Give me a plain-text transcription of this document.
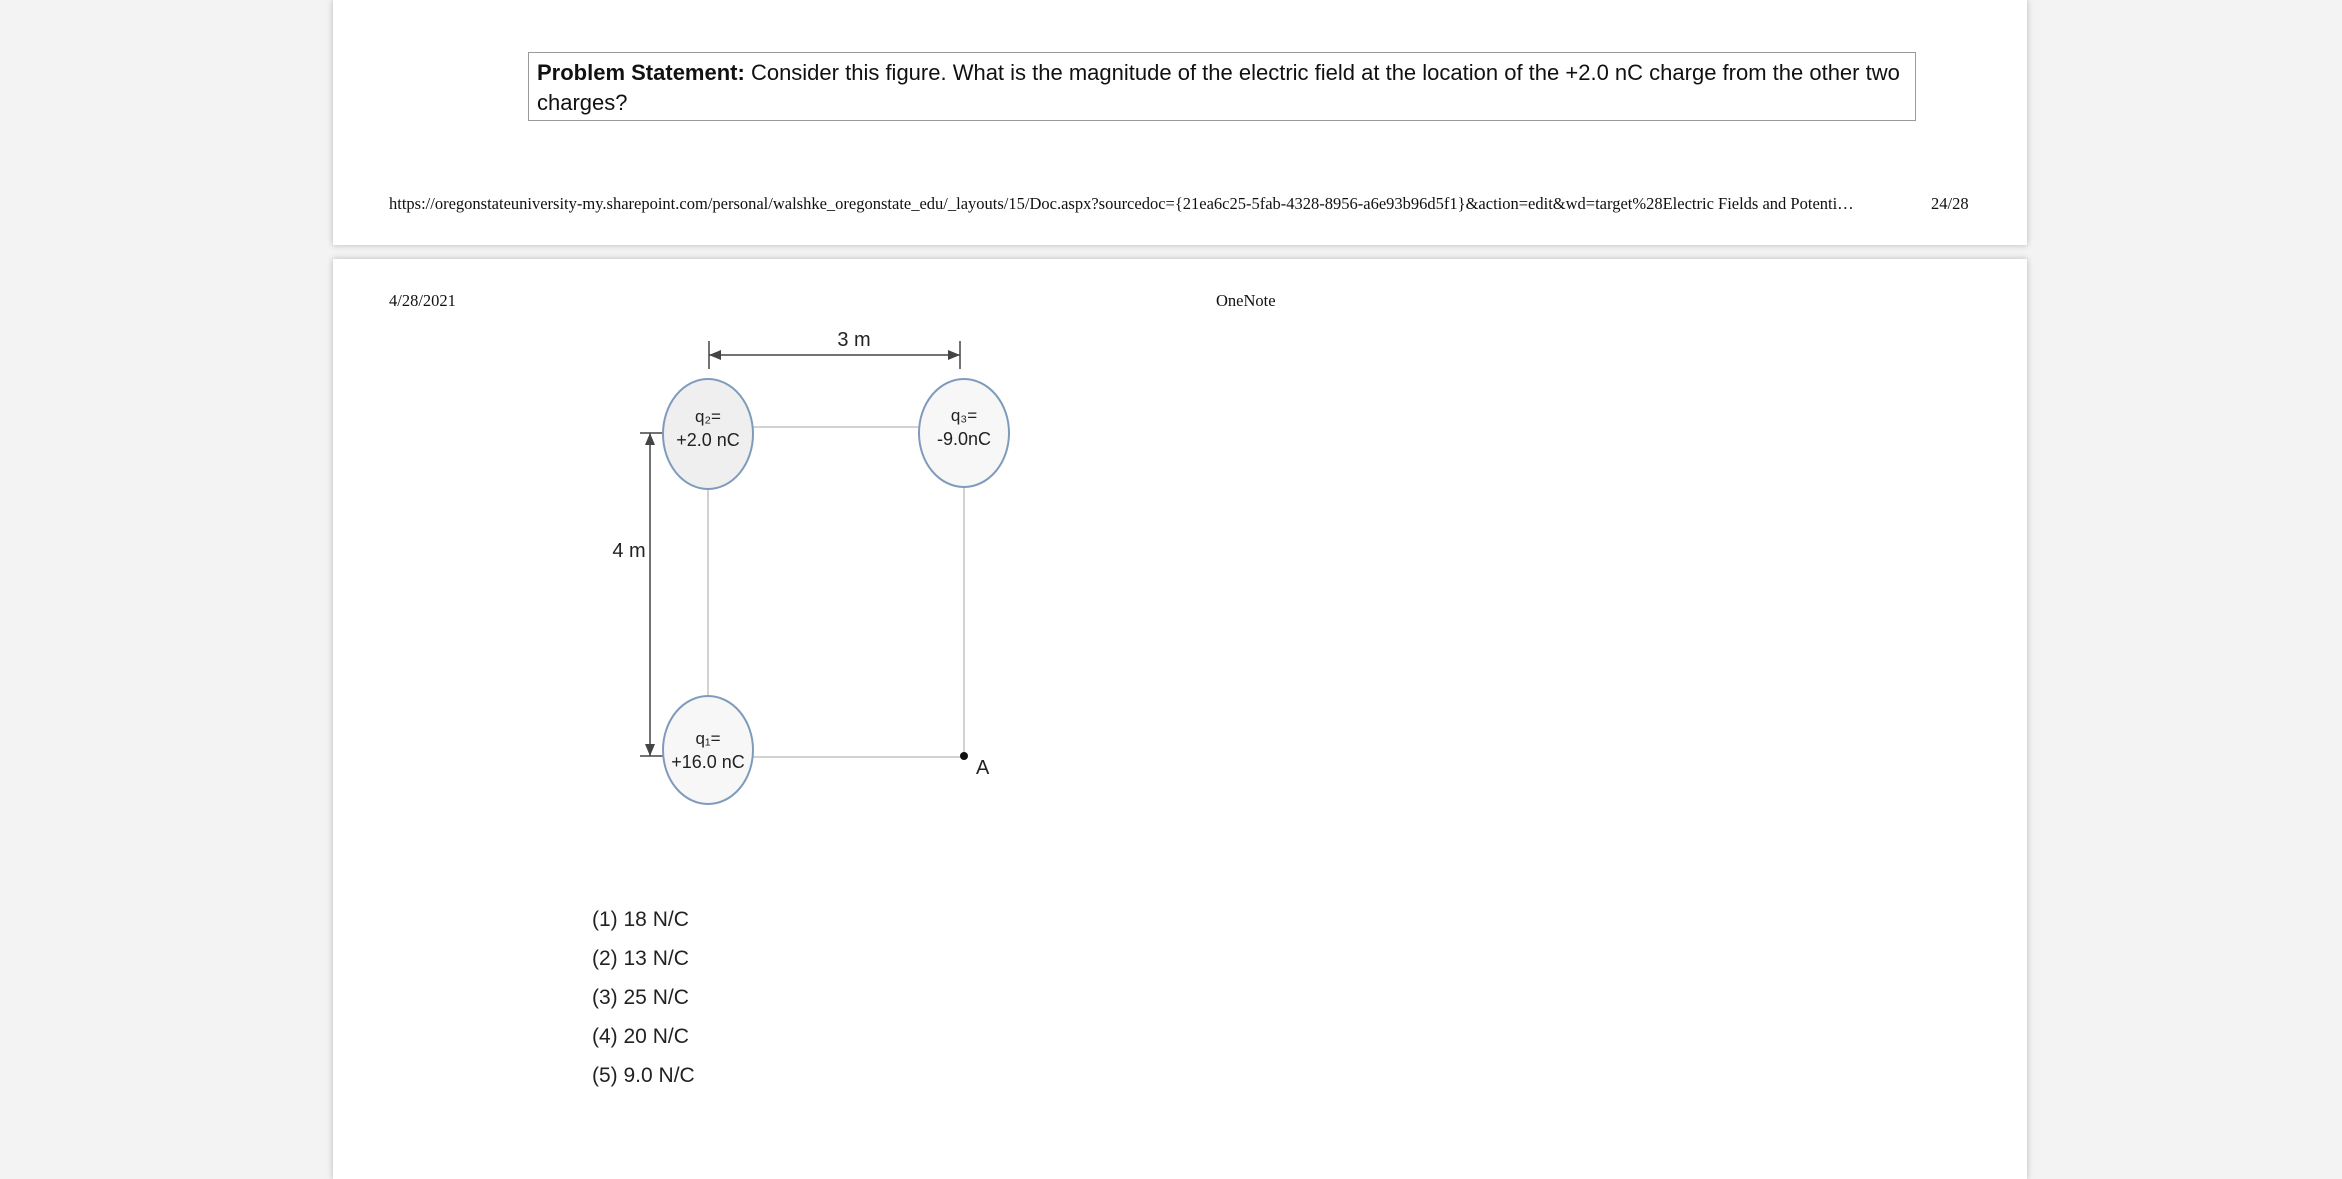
Problem Statement: Consider this figure. What is the magnitude of the electric field at the location of the +2.0 nC charge from the other two charges?
https://oregonstateuniversity-my.sharepoint.com/personal/walshke_oregonstate_edu/_layouts/15/Doc.aspx?sourcedoc={21ea6c25-5fab-4328-8956-a6e93b96d5f1}&action=edit&wd=target%28Electric Fields and Potenti…	24/28
4/28/2021	OneNote
3 m
4 m
q₂=
+2.0 nC
q₃=
-9.0nC
q₁=
+16.0 nC	A
(1) 18 N/C
(2) 13 N/C
(3) 25 N/C
(4) 20 N/C
(5) 9.0 N/C
